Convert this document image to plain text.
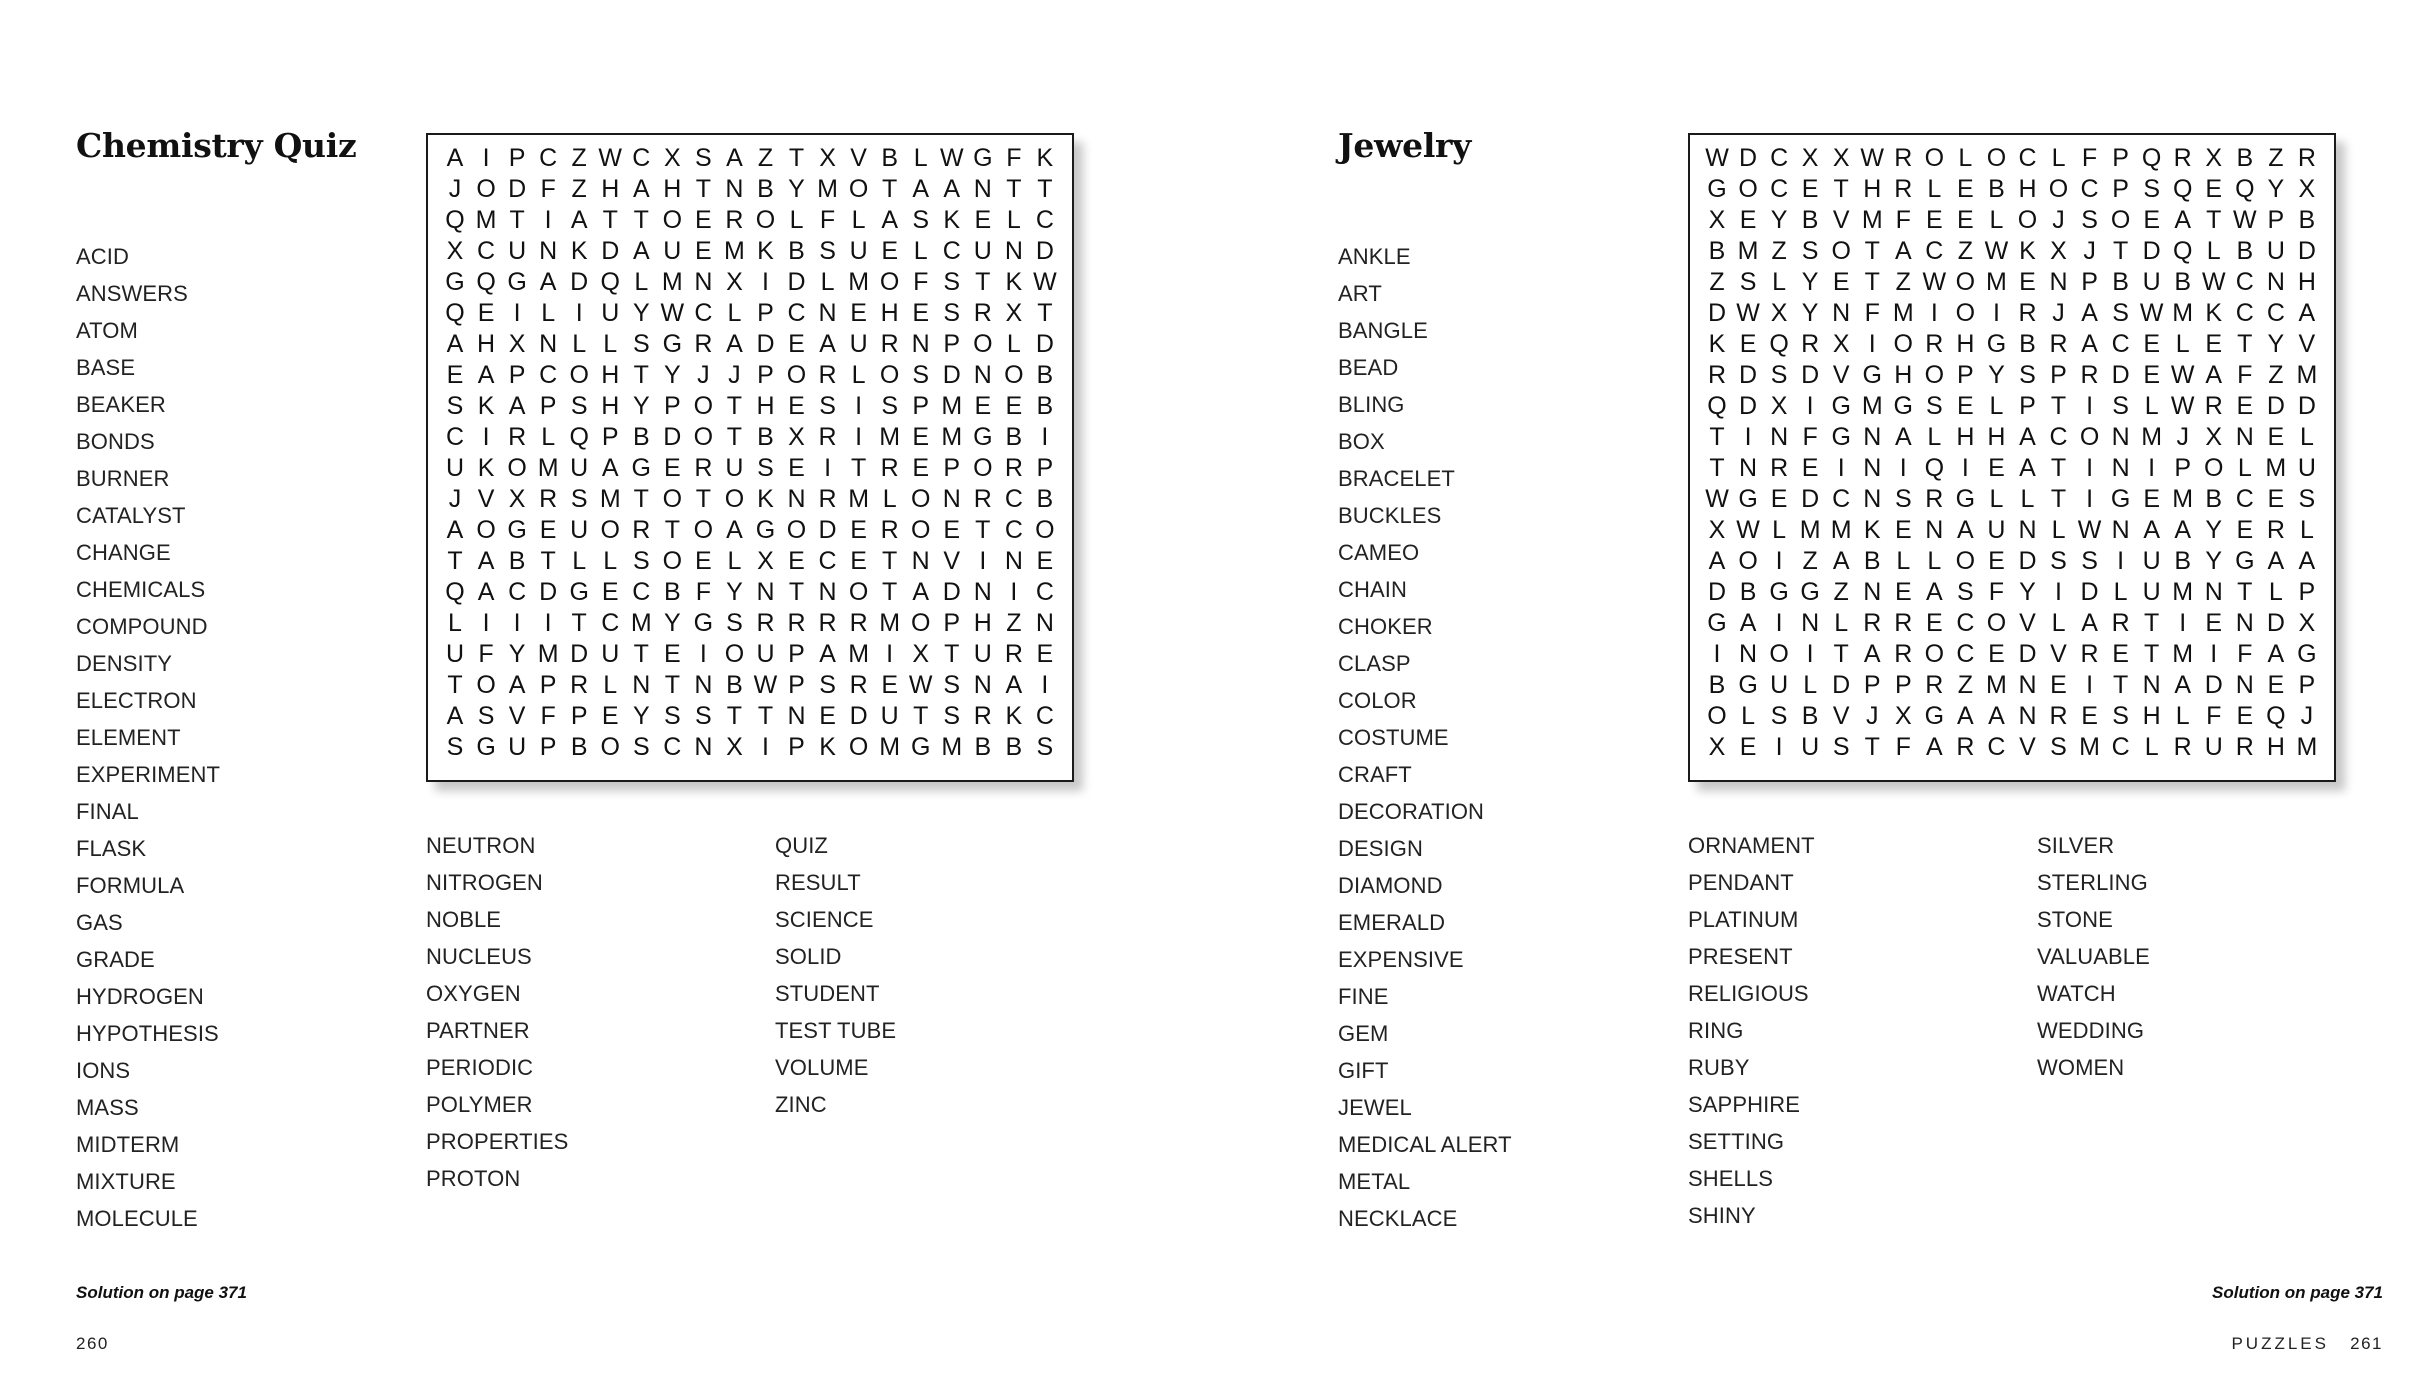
Chemistry Quiz
ACID
ANSWERS
ATOM
BASE
BEAKER
BONDS
BURNER
CATALYST
CHANGE
CHEMICALS
COMPOUND
DENSITY
ELECTRON
ELEMENT
EXPERIMENT
FINAL
FLASK
FORMULA
GAS
GRADE
HYDROGEN
HYPOTHESIS
IONS
MASS
MIDTERM
MIXTURE
MOLECULE
NEUTRON
NITROGEN
NOBLE
NUCLEUS
OXYGEN
PARTNER
PERIODIC
POLYMER
PROPERTIES
PROTON
QUIZ
RESULT
SCIENCE
SOLID
STUDENT
TEST TUBE
VOLUME
ZINC
A I P C Z W C X S A Z T X V B L W G F K
J O D F Z H A H T N B Y M O T A A N T T
Q M T I A T T O E R O L F L A S K E L C
X C U N K D A U E M K B S U E L C U N D
G Q G A D Q L M N X I D L M O F S T K W
Q E I L I U Y W C L P C N E H E S R X T
A H X N L L S G R A D E A U R N P O L D
E A P C O H T Y J J P O R L O S D N O B
S K A P S H Y P O T H E S I S P M E E B
C I R L Q P B D O T B X R I M E M G B I
U K O M U A G E R U S E I T R E P O R P
J V X R S M T O T O K N R M L O N R C B
A O G E U O R T O A G O D E R O E T C O
T A B T L L S O E L X E C E T N V I N E
Q A C D G E C B F Y N T N O T A D N I C
L I I I T C M Y G S R R R R M O P H Z N
U F Y M D U T E I O U P A M I X T U R E
T O A P R L N T N B W P S R E W S N A I
A S V F P E Y S S T T N E D U T S R K C
S G U P B O S C N X I P K O M G M B B S
Solution on page 371
260
Jewelry
ANKLE
ART
BANGLE
BEAD
BLING
BOX
BRACELET
BUCKLES
CAMEO
CHAIN
CHOKER
CLASP
COLOR
COSTUME
CRAFT
DECORATION
DESIGN
DIAMOND
EMERALD
EXPENSIVE
FINE
GEM
GIFT
JEWEL
MEDICAL ALERT
METAL
NECKLACE
ORNAMENT
PENDANT
PLATINUM
PRESENT
RELIGIOUS
RING
RUBY
SAPPHIRE
SETTING
SHELLS
SHINY
SILVER
STERLING
STONE
VALUABLE
WATCH
WEDDING
WOMEN
W D C X X W R O L O C L F P Q R X B Z R
G O C E T H R L E B H O C P S Q E Q Y X
X E Y B V M F E E L O J S O E A T W P B
B M Z S O T A C Z W K X J T D Q L B U D
Z S L Y E T Z W O M E N P B U B W C N H
D W X Y N F M I O I R J A S W M K C C A
K E Q R X I O R H G B R A C E L E T Y V
R D S D V G H O P Y S P R D E W A F Z M
Q D X I G M G S E L P T I S L W R E D D
T I N F G N A L H H A C O N M J X N E L
T N R E I N I Q I E A T I N I P O L M U
W G E D C N S R G L L T I G E M B C E S
X W L M M K E N A U N L W N A A Y E R L
A O I Z A B L L O E D S S I U B Y G A A
D B G G Z N E A S F Y I D L U M N T L P
G A I N L R R E C O V L A R T I E N D X
I N O I T A R O C E D V R E T M I F A G
B G U L D P P R Z M N E I T N A D N E P
O L S B V J X G A A N R E S H L F E Q J
X E I U S T F A R C V S M C L R U R H M
Solution on page 371
PUZZLES 261
